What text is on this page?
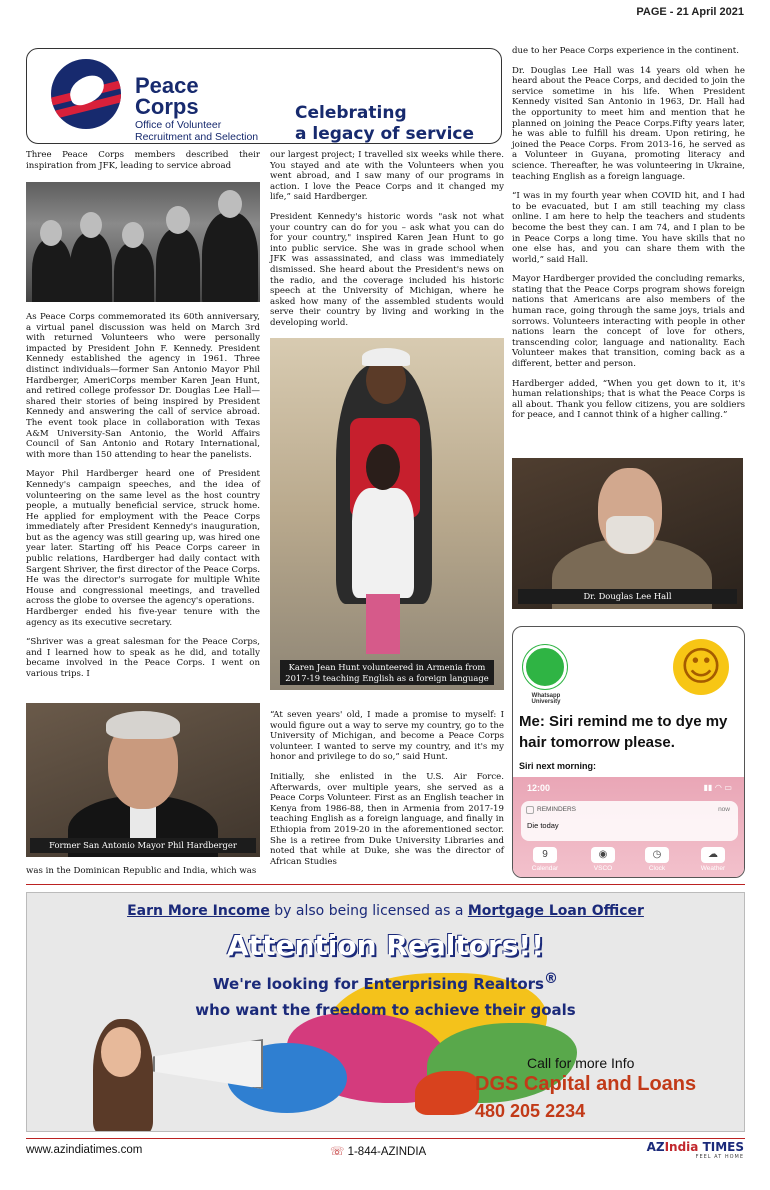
PAGE - 21 April 2021
Peace
Corps
Office of Volunteer
Recruitment and Selection
Celebrating
a legacy of service

Three Peace Corps members described their inspiration from JFK, leading to service abroad

As Peace Corps commemorated its 60th anniversary, a virtual panel discussion was held on March 3rd with returned Volunteers who were personally impacted by President John F. Kennedy. President Kennedy established the agency in 1961. Three distinct individuals—former San Antonio Mayor Phil Hardberger, AmeriCorps member Karen Jean Hunt, and retired college professor Dr. Douglas Lee Hall—shared their stories of being inspired by President Kennedy and answering the call of service abroad. The event took place in collaboration with Texas A&M University-San Antonio, the World Affairs Council of San Antonio and Rotary International, with more than 150 attending to hear the panelists.

Mayor Phil Hardberger heard one of President Kennedy's campaign speeches, and the idea of volunteering on the same level as the host country people, a mutually beneficial service, struck home. He applied for employment with the Peace Corps immediately after President Kennedy's inauguration, but as the agency was still gearing up, was hired one year later. Starting off his Peace Corps career in public relations, Hardberger had daily contact with Sargent Shriver, the first director of the Peace Corps. He was the director's surrogate for multiple White House and congressional meetings, and travelled across the globe to oversee the agency's operations.

Hardberger ended his five-year tenure with the agency as its executive secretary.

“Shriver was a great salesman for the Peace Corps, and I learned how to speak as he did, and totally became involved in the Peace Corps. I went on various trips. I

Former San Antonio Mayor Phil Hardberger

was in the Dominican Republic and India, which was

our largest project; I travelled six weeks while there. You stayed and ate with the Volunteers when you went abroad, and I saw many of our programs in action. I love the Peace Corps and it changed my life,” said Hardberger.

President Kennedy's historic words "ask not what your country can do for you – ask what you can do for your country," inspired Karen Jean Hunt to go into public service. She was in grade school when JFK was assassinated, and class was immediately dismissed. She heard about the President's news on the radio, and the coverage included his historic speech at the University of Michigan, where he asked how many of the assembled students would serve their country by living and working in the developing world.

Karen Jean Hunt volunteered in Armenia from
2017-19 teaching English as a foreign language

“At seven years' old, I made a promise to myself: I would figure out a way to serve my country, go to the University of Michigan, and become a Peace Corps volunteer. I wanted to serve my country, and it's my honor and privilege to do so,” said Hunt.

Initially, she enlisted in the U.S. Air Force. Afterwards, over multiple years, she served as a Peace Corps Volunteer. First as an English teacher in Kenya from 1986-88, then in Armenia from 2017-19 teaching English as a foreign language, and finally in Ethiopia from 2019-20 in the aforementioned sector. She is a retiree from Duke University Libraries and noted that while at Duke, she was the director of African Studies

due to her Peace Corps experience in the continent.

Dr. Douglas Lee Hall was 14 years old when he heard about the Peace Corps, and decided to join the service sometime in his life. When President Kennedy visited San Antonio in 1963, Dr. Hall had the opportunity to meet him and mention that he planned on joining the Peace Corps.Fifty years later, he was able to fulfill his dream. Upon retiring, he joined the Peace Corps. From 2013-16, he served as a Volunteer in Guyana, promoting literacy and science. Thereafter, he was volunteering in Ukraine, teaching English as a foreign language.

“I was in my fourth year when COVID hit, and I had to be evacuated, but I am still teaching my class online. I am here to help the teachers and students become the best they can. I am 74, and I plan to be in Peace Corps a long time. You have skills that no one else has, and you can share them with the world,” said Hall.

Mayor Hardberger provided the concluding remarks, stating that the Peace Corps program shows foreign nations that Americans are also members of the human race, going through the same joys, trials and sorrows. Volunteers interacting with people in other nations learn the concept of love for others, transcending color, language and nationality. Each Volunteer makes that transition, coming back as a different, better and person.

Hardberger added, “When you get down to it, it's human relationships; that is what the Peace Corps is all about. Thank you fellow citizens, you are soldiers for peace, and I cannot think of a higher calling.”

Dr. Douglas Lee Hall
Whatsapp University
☺
Me: Siri remind me to dye my hair tomorrow please.
Siri next morning:
12:00	▮▮ ◠ ▭
REMINDERS	now
Die today
9
Calendar
◉
VSCO
◷
Clock
☁
Weather
Earn More Income by also being licensed as a Mortgage Loan Officer
Attention Realtors!!
We're looking for Enterprising Realtors®
who want the freedom to achieve their goals
Call for more Info
DGS Capital and Loans
480 205 2234
www.azindiatimes.com	☏ 1-844-AZINDIA	AZIndia TIMES
FEEL AT HOME
